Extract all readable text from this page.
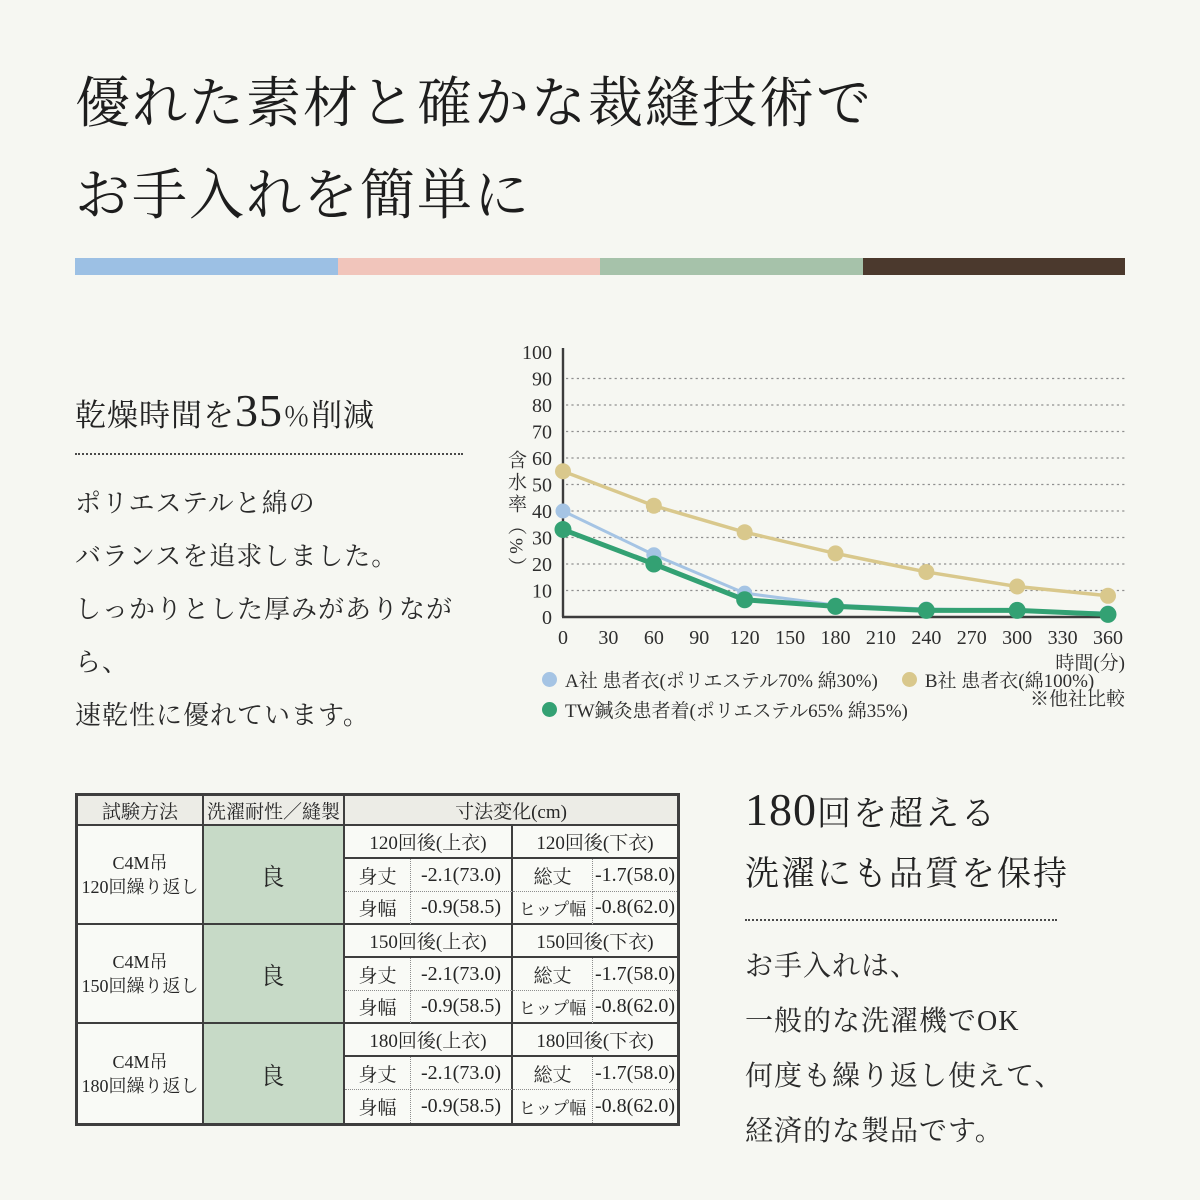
優れた素材と確かな裁縫技術で
お手入れを簡単に
乾燥時間を35％削減
ポリエステルと綿の
バランスを追求しました。
しっかりとした厚みがありながら、
速乾性に優れています。
0
10
20
30
40
50
60
70
80
90
100
0 30 60 90 120 150 180 210 240 270 300 330 360
含水率（%）
時間(分)
※他社比較
A社 患者衣(ポリエステル70% 綿30%) B社 患者衣(綿100%)
TW鍼灸患者着(ポリエステル65% 綿35%)
試験方法	洗濯耐性／縫製	寸法変化(cm)
C4M吊
120回繰り返し	良
120回後(上衣)	120回後(下衣)
身丈	-2.1(73.0)	総丈	-1.7(58.0)
身幅	-0.9(58.5)	ヒップ幅 -0.8(62.0)
C4M吊
150回繰り返し	良
150回後(上衣)	150回後(下衣)
身丈	-2.1(73.0)	総丈	-1.7(58.0)
身幅	-0.9(58.5)	ヒップ幅 -0.8(62.0)
C4M吊
180回繰り返し	良
180回後(上衣)	180回後(下衣)
身丈	-2.1(73.0)	総丈	-1.7(58.0)
身幅	-0.9(58.5)	ヒップ幅 -0.8(62.0)
180回を超える
洗濯にも品質を保持
お手入れは、
一般的な洗濯機でOK
何度も繰り返し使えて、
経済的な製品です。
